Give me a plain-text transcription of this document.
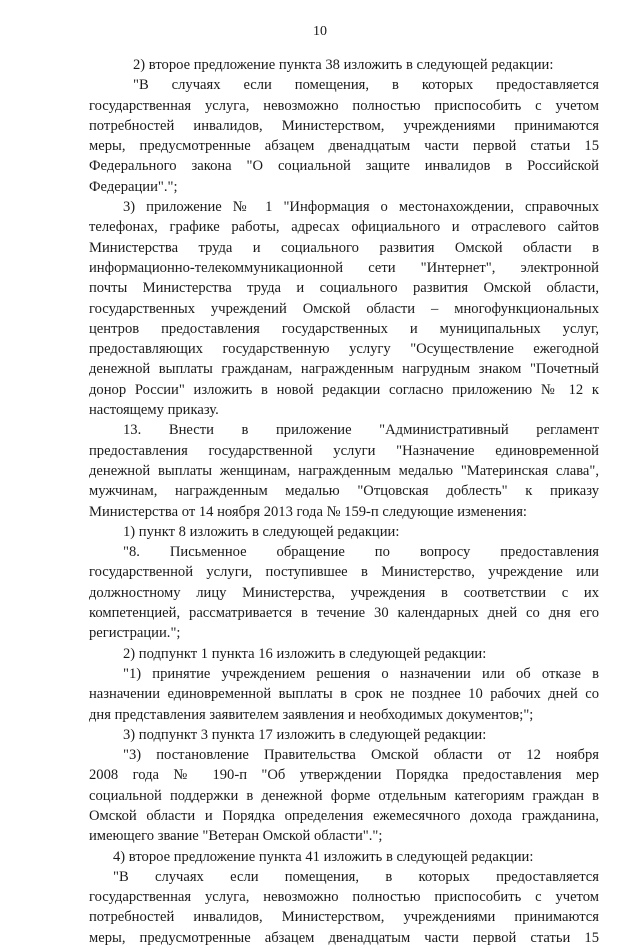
10
2) второе предложение пункта 38 изложить в следующей редакции:
"В случаях если помещения, в которых предоставляется
государственная услуга, невозможно полностью приспособить с учетом
потребностей инвалидов, Министерством, учреждениями принимаются
меры, предусмотренные абзацем двенадцатым части первой статьи 15
Федерального закона "О социальной защите инвалидов в Российской
Федерации".";
3) приложение № 1 "Информация о местонахождении, справочных
телефонах, графике работы, адресах официального и отраслевого сайтов
Министерства труда и социального развития Омской области в
информационно-телекоммуникационной сети "Интернет", электронной
почты Министерства труда и социального развития Омской области,
государственных учреждений Омской области – многофункциональных
центров предоставления государственных и муниципальных услуг,
предоставляющих государственную услугу "Осуществление ежегодной
денежной выплаты гражданам, награжденным нагрудным знаком "Почетный
донор России" изложить в новой редакции согласно приложению № 12 к
настоящему приказу.
13. Внести в приложение "Административный регламент
предоставления государственной услуги "Назначение единовременной
денежной выплаты женщинам, награжденным медалью "Материнская слава",
мужчинам, награжденным медалью "Отцовская доблесть" к приказу
Министерства от 14 ноября 2013 года № 159-п следующие изменения:
1) пункт 8 изложить в следующей редакции:
"8. Письменное обращение по вопросу предоставления
государственной услуги, поступившее в Министерство, учреждение или
должностному лицу Министерства, учреждения в соответствии с их
компетенцией, рассматривается в течение 30 календарных дней со дня его
регистрации.";
2) подпункт 1 пункта 16 изложить в следующей редакции:
"1) принятие учреждением решения о назначении или об отказе в
назначении единовременной выплаты в срок не позднее 10 рабочих дней со
дня представления заявителем заявления и необходимых документов;";
3) подпункт 3 пункта 17 изложить в следующей редакции:
"3) постановление Правительства Омской области от 12 ноября
2008 года № 190-п "Об утверждении Порядка предоставления мер
социальной поддержки в денежной форме отдельным категориям граждан в
Омской области и Порядка определения ежемесячного дохода гражданина,
имеющего звание "Ветеран Омской области".";
4) второе предложение пункта 41 изложить в следующей редакции:
"В случаях если помещения, в которых предоставляется
государственная услуга, невозможно полностью приспособить с учетом
потребностей инвалидов, Министерством, учреждениями принимаются
меры, предусмотренные абзацем двенадцатым части первой статьи 15
